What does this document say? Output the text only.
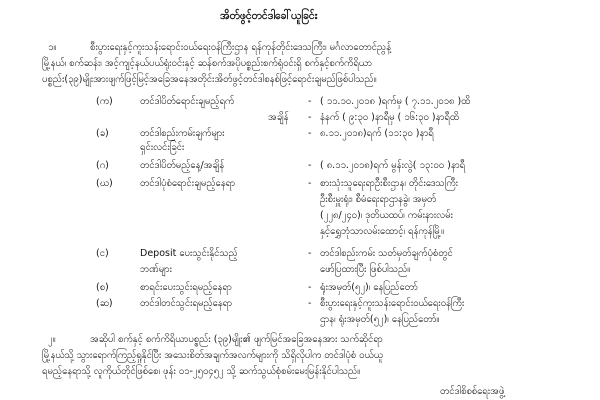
အိတ်ဖွင့်တင်ဒါခေါ်ယူခြင်း
၁။	စီးပွားရေးနှင့်ကူးသန်းရောင်းဝယ်ရေးဝန်ကြီးဌာန ရန်ကုန်တိုင်းဒေသကြီး၊ မင်္ဂလာတောင်ညွန့်
မြို့နယ်၊ စက်ဆန်း၊ အင့်ကျင့်နယ်ပယ်ရုံးဝင်းနှင့် ဆန်စက်အပိုပစ္စည်းစက်ရုံဝင်းရှိ စက်နှင့်စက်ကိရိယာ
ပစ္စည်း(၃၉)မျိုးအားဖျက်ဖြင့်မြင့်အခြေအနေအတိုင်းအိတ်ဖွင့်တင်ဒါစနစ်ဖြင့်ရောင်းချမည်ဖြစ်ပါသည်။
(က)	တင်ဒါပိတ်ရောင်းချမည့်ရက်	- ( ၁၁.၁၀.၂၀၁၈ )ရက်မှ ( ၇.၁၁.၂၀၁၈ )ထိ
အချိန် - နံနက် ( ၉:၃၀ )နာရီမှ ( ၁၆:၃၀ )နာရီထိ
(ခ)	တင်ဒါစည်းကမ်းချက်များ
ရှင်းလင်းခြင်း
- ၈.၁၁.၂၀၁၈)ရက် (၁၁:၃၀ )နာရီ
(ဂ)	တင်ဒါပိတ်မည့်နေ့/အချိန်	- ( ၈.၁၁.၂၀၁၈)ရက် မွန်းလွဲ( ၁၃:၀၀ )နာရီ
(ဃ)	တင်ဒါပုံစံရောင်းချမည့်နေရာ	- စားသုံးသူရေးရာဦးစီးဌာန၊ တိုင်းဒေသကြီး
ဦးစီးမှူးရုံး၊ စီမံရေးရာဌာနခွဲ၊ အမှတ်
(၂၂၈/၂၄၀)၊ ဒုတိယထပ်၊ ကမ်းနားလမ်း
နှင့်ရွှေဘုံသာလမ်းထောင့်၊ ရန်ကုန်မြို့။
(င)	Deposit ပေးသွင်းနိုင်သည့်
ဘဏ်များ
- တင်ဒါစည်းကမ်း သတ်မှတ်ချက်ပုံစံတွင်
ဖော်ပြထားပြီး ဖြစ်ပါသည်။
(စ)	စာရင်းပေးသွင်းရမည့်နေရာ	- ရုံးအမှတ်(၅၂)၊ နေပြည်တော်
(ဆ)	တင်ဒါတင်သွင်းရမည့်နေရာ	- စီးပွားရေးနှင့်ကူးသန်းရောင်းဝယ်ရေးဝန်ကြီး
ဌာန၊ ရုံးအမှတ်(၅၂)၊ နေပြည်တော်။
၂။	အဆိုပါ စက်နှင့် စက်ကိရိယာပစ္စည်း (၃၉)မျိုး၏ ဖျက်မြင်အခြေအနေအား သက်ဆိုင်ရာ
မြို့နယ်သို့ သွားရောက်ကြည့်ရှုနိုင်ပြီး အသေးစိတ်အချက်အလက်များကို သိရှိလိုပါက တင်ဒါပုံစံ ဝယ်ယူ
ရမည့်နေရာသို့ လူကိုယ်တိုင်ဖြစ်စေ၊ ဖုန်း ၀၁-၂၅၀၄၅၂ သို့ ဆက်သွယ်စုံစမ်းမေးမြန်းနိုင်ပါသည်။
တင်ဒါစိစစ်ရေးအဖွဲ့
